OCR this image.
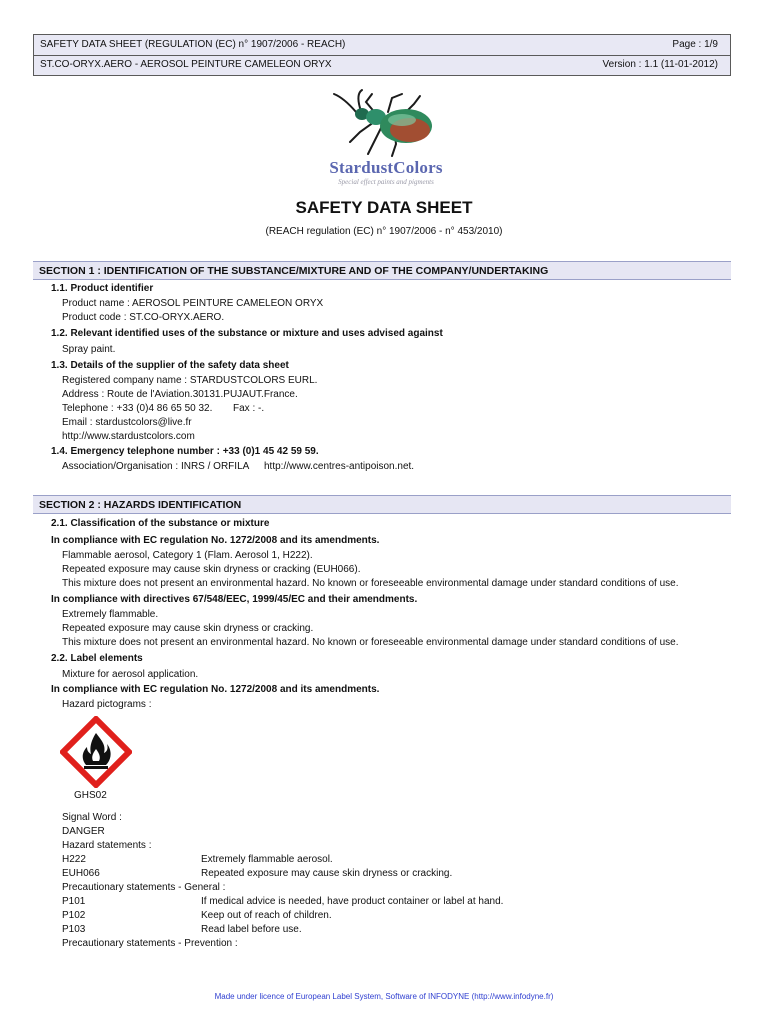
SAFETY DATA SHEET (REGULATION (EC) n° 1907/2006 - REACH)	Page : 1/9
ST.CO-ORYX.AERO - AEROSOL PEINTURE CAMELEON ORYX	Version : 1.1 (11-01-2012)
StardustColors
Special effect paints and pigments
SAFETY DATA SHEET
(REACH regulation (EC) n° 1907/2006 - n° 453/2010)
SECTION 1 : IDENTIFICATION OF THE SUBSTANCE/MIXTURE AND OF THE COMPANY/UNDERTAKING
1.1. Product identifier
Product name : AEROSOL PEINTURE CAMELEON ORYX
Product code : ST.CO-ORYX.AERO.
1.2. Relevant identified uses of the substance or mixture and uses advised against
Spray paint.
1.3. Details of the supplier of the safety data sheet
Registered company name : STARDUSTCOLORS EURL.
Address : Route de l'Aviation.30131.PUJAUT.France.
Telephone : +33 (0)4 86 65 50 32. Fax : -.
Email : stardustcolors@live.fr
http://www.stardustcolors.com
1.4. Emergency telephone number : +33 (0)1 45 42 59 59.
Association/Organisation : INRS / ORFILA http://www.centres-antipoison.net.
SECTION 2 : HAZARDS IDENTIFICATION
2.1. Classification of the substance or mixture
In compliance with EC regulation No. 1272/2008 and its amendments.
Flammable aerosol, Category 1 (Flam. Aerosol 1, H222).
Repeated exposure may cause skin dryness or cracking (EUH066).
This mixture does not present an environmental hazard. No known or foreseeable environmental damage under standard conditions of use.
In compliance with directives 67/548/EEC, 1999/45/EC and their amendments.
Extremely flammable.
Repeated exposure may cause skin dryness or cracking.
This mixture does not present an environmental hazard. No known or foreseeable environmental damage under standard conditions of use.
2.2. Label elements
Mixture for aerosol application.
In compliance with EC regulation No. 1272/2008 and its amendments.
Hazard pictograms :
GHS02
Signal Word :
DANGER
Hazard statements :
H222	Extremely flammable aerosol.
EUH066	Repeated exposure may cause skin dryness or cracking.
Precautionary statements - General :
P101	If medical advice is needed, have product container or label at hand.
P102	Keep out of reach of children.
P103	Read label before use.
Precautionary statements - Prevention :
Made under licence of European Label System, Software of INFODYNE (http://www.infodyne.fr)
